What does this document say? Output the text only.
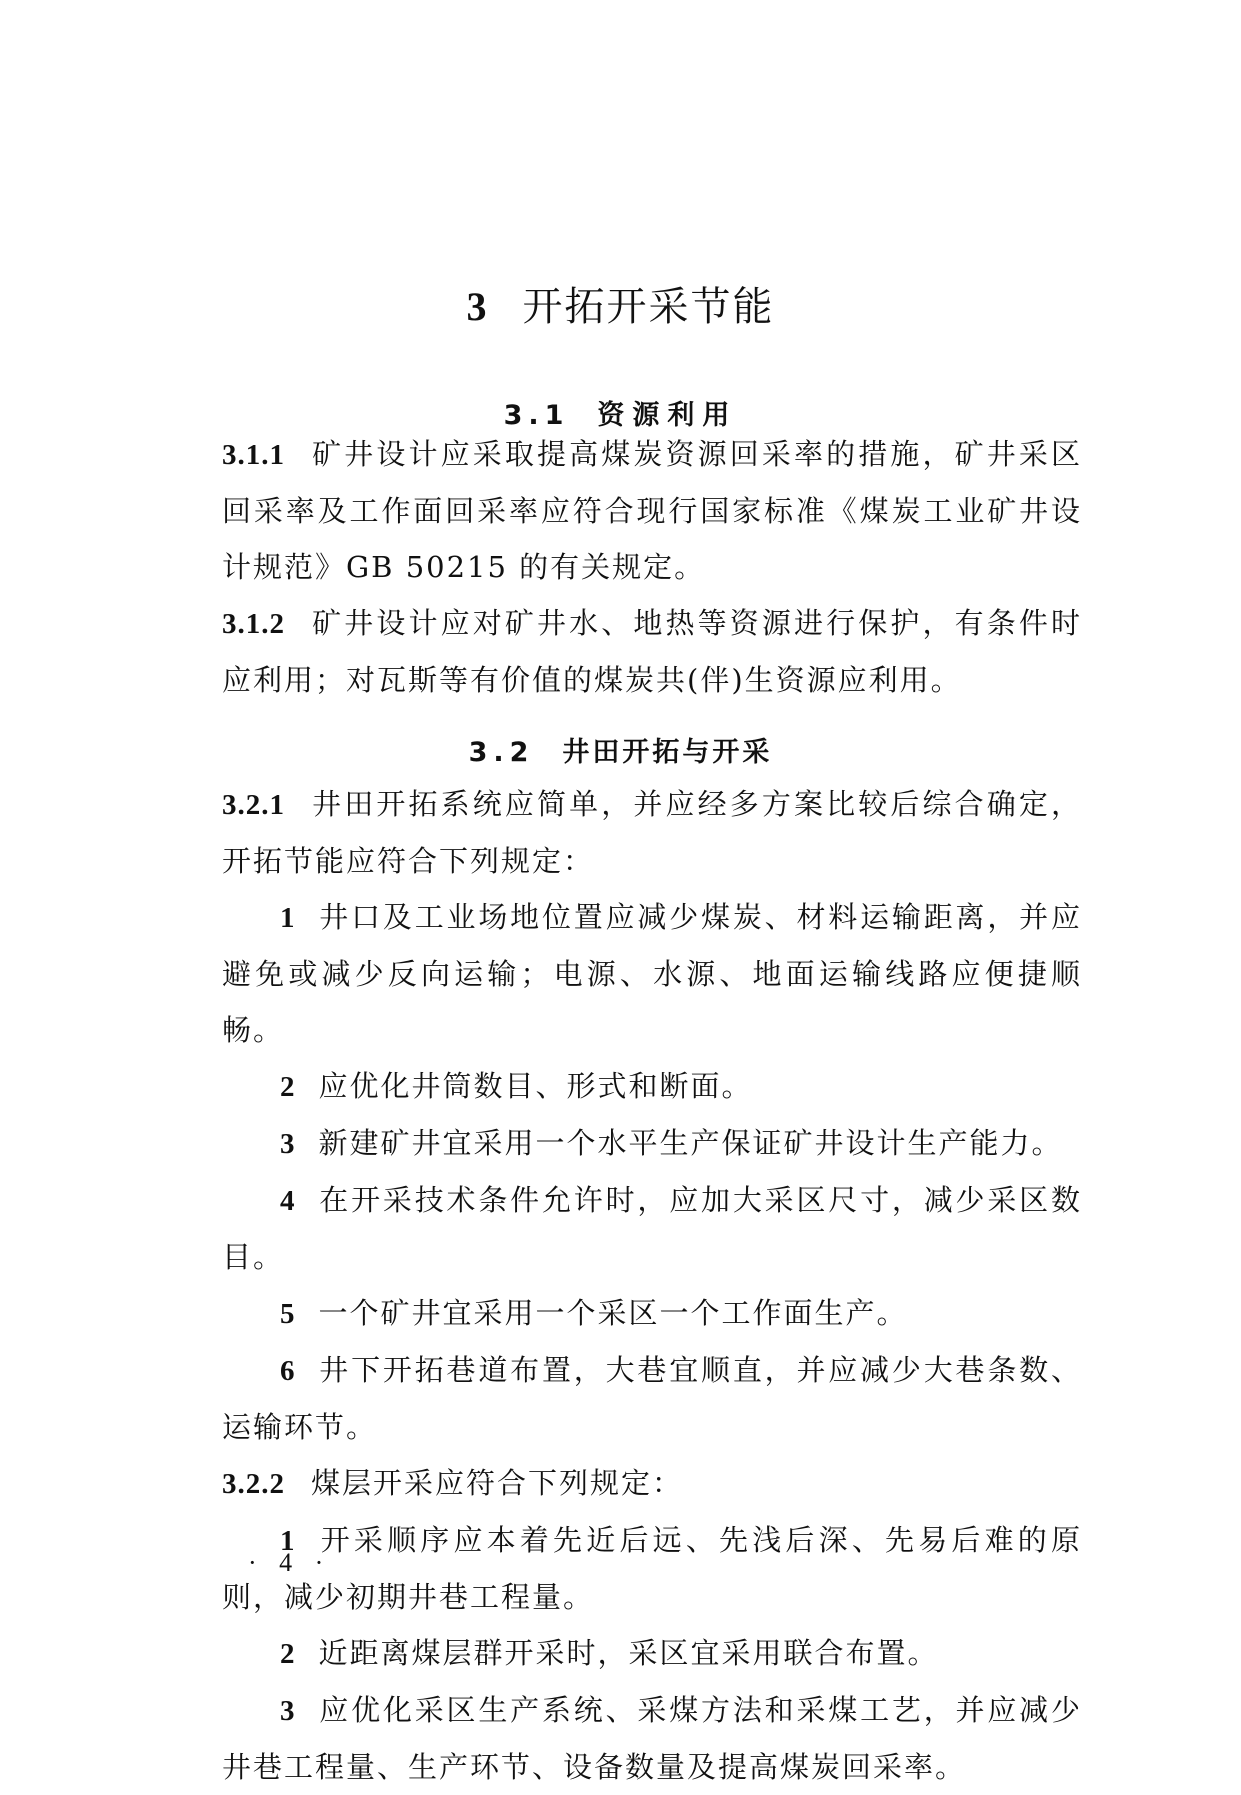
3 开拓开采节能
3.1 资源利用

3.1.1 矿井设计应采取提高煤炭资源回采率的措施，矿井采区回采率及工作面回采率应符合现行国家标准《煤炭工业矿井设计规范》GB 50215 的有关规定。

3.1.2 矿井设计应对矿井水、地热等资源进行保护，有条件时应利用；对瓦斯等有价值的煤炭共(伴)生资源应利用。

3.2 井田开拓与开采

3.2.1 井田开拓系统应简单，并应经多方案比较后综合确定，开拓节能应符合下列规定：

1 井口及工业场地位置应减少煤炭、材料运输距离，并应避免或减少反向运输；电源、水源、地面运输线路应便捷顺畅。

2 应优化井筒数目、形式和断面。

3 新建矿井宜采用一个水平生产保证矿井设计生产能力。

4 在开采技术条件允许时，应加大采区尺寸，减少采区数目。

5 一个矿井宜采用一个采区一个工作面生产。

6 井下开拓巷道布置，大巷宜顺直，并应减少大巷条数、运输环节。

3.2.2 煤层开采应符合下列规定：

1 开采顺序应本着先近后远、先浅后深、先易后难的原则，减少初期井巷工程量。

2 近距离煤层群开采时，采区宜采用联合布置。

3 应优化采区生产系统、采煤方法和采煤工艺，并应减少井巷工程量、生产环节、设备数量及提高煤炭回采率。

· 4 ·
